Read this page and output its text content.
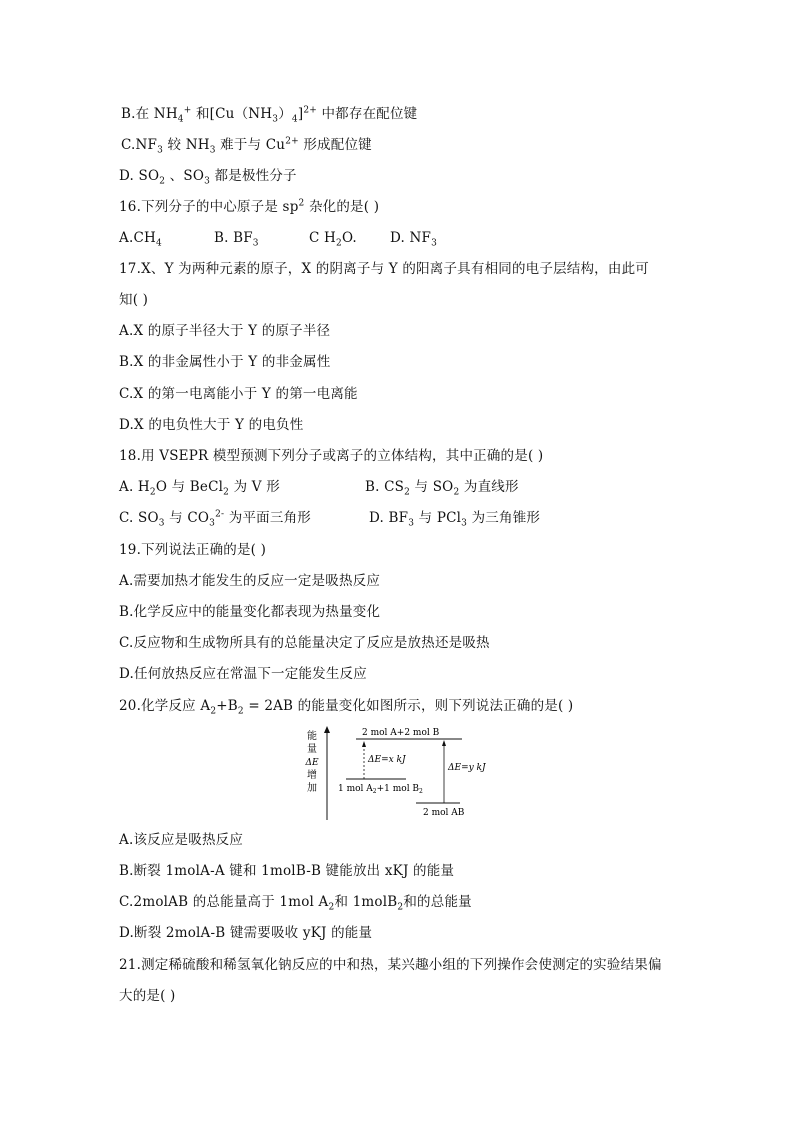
B.在 $NH_4^+$ 和$[Cu(NH_3)_4]^{2+}$ 中都存在配位键
$C.NF_3$ 较 $NH_3$ 难于与 $Cu^{2+}$ 形成配位键
D. $SO_2$ 、$SO_3$ 都是极性分子
16.下列分子的中心原子是 $sp^2$ 杂化的是( )
$A.CH_4$	B. $BF_3$	C $H_2O$. D. $NF_3$
17.X、Y 为两种元素的原子，X 的阴离子与 Y 的阳离子具有相同的电子层结构，由此可
知( )
A.X 的原子半径大于 Y 的原子半径
B.X 的非金属性小于 Y 的非金属性
C.X 的第一电离能小于 Y 的第一电离能
D.X 的电负性大于 Y 的电负性
18.用 VSEPR 模型预测下列分子或离子的立体结构，其中正确的是( )
A. $H_2O$ 与 BeCl$_2$ 为 V 形	B. $CS_2$ 与 $SO_2$ 为直线形
C. $SO_3$ 与 $CO_3^{2-}$ 为平面三角形	D. $BF_3$ 与 PCl$_3$ 为三角锥形
19.下列说法正确的是( )
A.需要加热才能发生的反应一定是吸热反应
B.化学反应中的能量变化都表现为热量变化
C.反应物和生成物所具有的总能量决定了反应是放热还是吸热
D.任何放热反应在常温下一定能发生反应
20.化学反应 $A_2+B_2 = 2AB$ 的能量变化如图所示，则下列说法正确的是( )
能
量
ΔE
增
加
2 mol A+2 mol B
1 mol $A_2+1$ mol $B_2$
2 mol AB
ΔE=x kJ
ΔE=y kJ
A.该反应是吸热反应
B.断裂 1molA-A 键和 1molB-B 键能放出 xKJ 的能量
C.2molAB 的总能量高于 1mol $A_2$和 1molB$_2$和的总能量
D.断裂 2molA-B 键需要吸收 yKJ 的能量
21.测定稀硫酸和稀氢氧化钠反应的中和热，某兴趣小组的下列操作会使测定的实验结果偏
大的是( )
